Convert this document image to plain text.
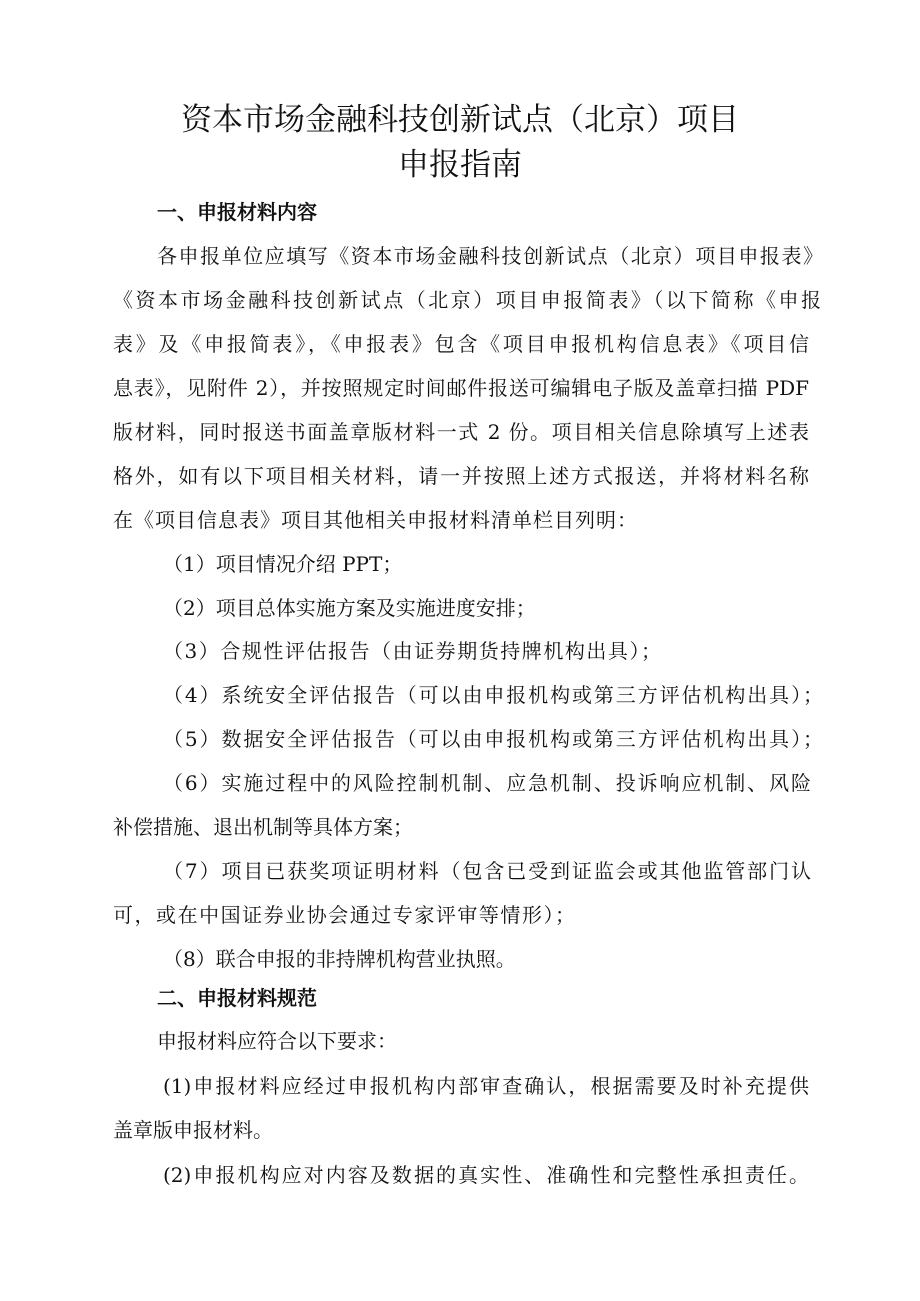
资本市场金融科技创新试点（北京）项目
申报指南
一、申报材料内容
各申报单位应填写《资本市场金融科技创新试点（北京）项目申报表》
《资本市场金融科技创新试点（北京）项目申报简表》（以下简称《申报
表》及《申报简表》，《申报表》包含《项目申报机构信息表》《项目信
息表》，见附件 2），并按照规定时间邮件报送可编辑电子版及盖章扫描 PDF
版材料，同时报送书面盖章版材料一式 2 份。项目相关信息除填写上述表
格外，如有以下项目相关材料，请一并按照上述方式报送，并将材料名称
在《项目信息表》项目其他相关申报材料清单栏目列明：
（1）项目情况介绍 PPT；
（2）项目总体实施方案及实施进度安排；
（3）合规性评估报告（由证券期货持牌机构出具）；
（4）系统安全评估报告（可以由申报机构或第三方评估机构出具）；
（5）数据安全评估报告（可以由申报机构或第三方评估机构出具）；
（6）实施过程中的风险控制机制、应急机制、投诉响应机制、风险
补偿措施、退出机制等具体方案；
（7）项目已获奖项证明材料（包含已受到证监会或其他监管部门认
可，或在中国证券业协会通过专家评审等情形）；
（8）联合申报的非持牌机构营业执照。
二、申报材料规范
申报材料应符合以下要求：
(1)申报材料应经过申报机构内部审查确认，根据需要及时补充提供
盖章版申报材料。
(2)申报机构应对内容及数据的真实性、准确性和完整性承担责任。
